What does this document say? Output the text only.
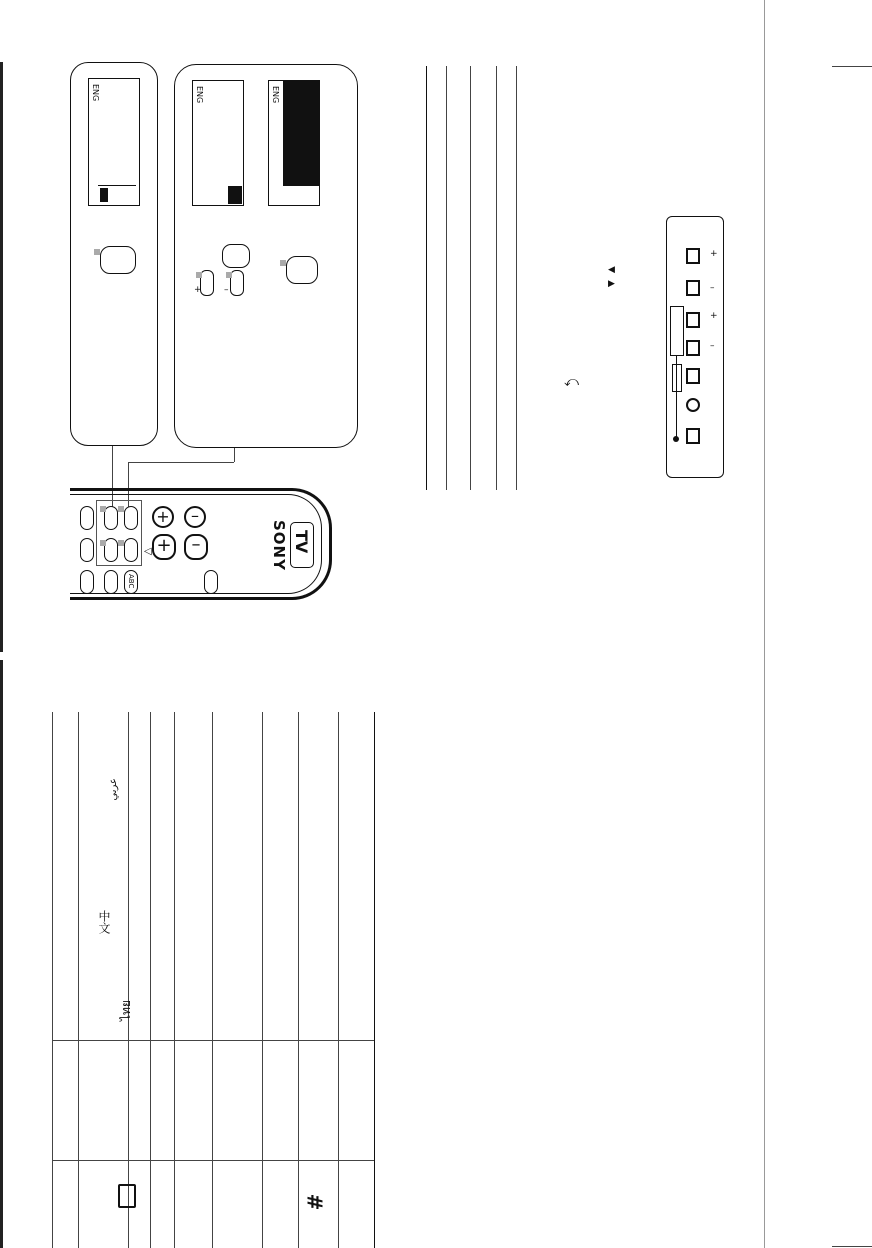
ENG	ENG	ENG
+ –
+	–
+	–
◁	SONY TV
ABC
+
–
+
–
◀
▶
⤺
ไทย
中文
عربي
#
